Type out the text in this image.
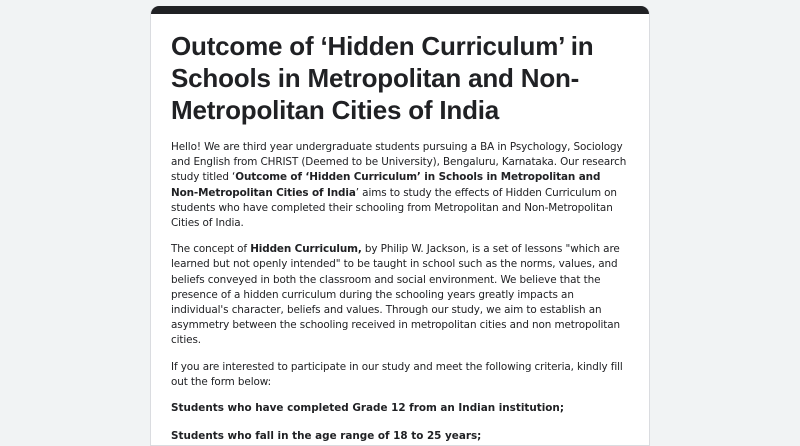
Outcome of ‘Hidden Curriculum’ in Schools in Metropolitan and Non-Metropolitan Cities of India

Hello! We are third year undergraduate students pursuing a BA in Psychology, Sociology and English from CHRIST (Deemed to be University), Bengaluru, Karnataka. Our research study titled ‘Outcome of ‘Hidden Curriculum’ in Schools in Metropolitan and Non-Metropolitan Cities of India’ aims to study the effects of Hidden Curriculum on students who have completed their schooling from Metropolitan and Non-Metropolitan Cities of India.

The concept of Hidden Curriculum, by Philip W. Jackson, is a set of lessons "which are learned but not openly intended" to be taught in school such as the norms, values, and beliefs conveyed in both the classroom and social environment. We believe that the presence of a hidden curriculum during the schooling years greatly impacts an individual's character, beliefs and values. Through our study, we aim to establish an asymmetry between the schooling received in metropolitan cities and non metropolitan cities.

If you are interested to participate in our study and meet the following criteria, kindly fill out the form below:

Students who have completed Grade 12 from an Indian institution;
Students who fall in the age range of 18 to 25 years;
